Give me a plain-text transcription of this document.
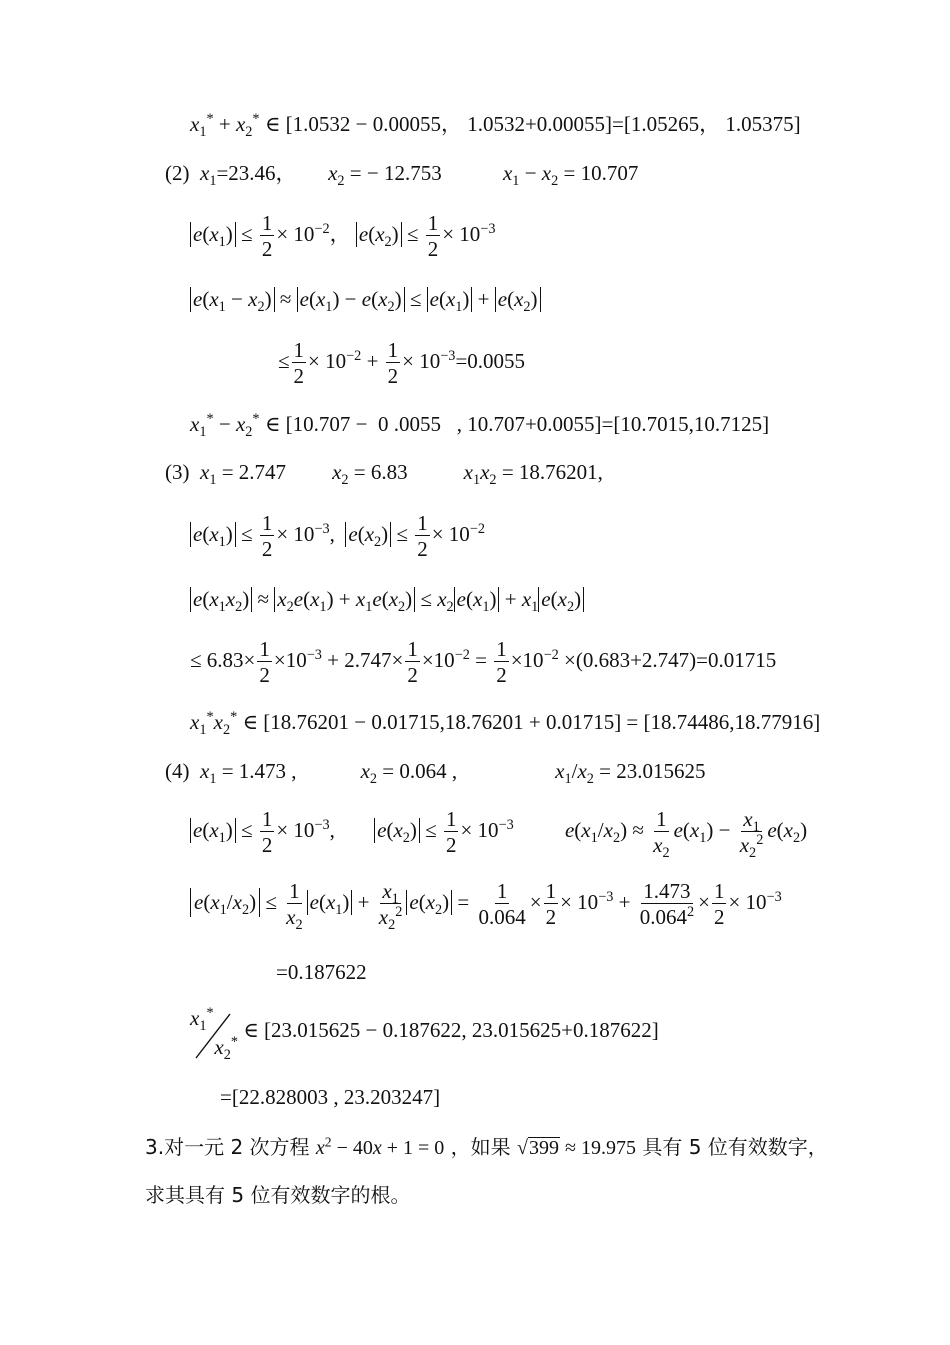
$x_1^* + x_2^*$ ∈ [1.0532 − 0.00055， 1.0532+0.00055]=[1.05265， 1.05375]
(2)  $x_1=23.46$，      $x_2$ = − 12.753	$x_1 - x_2 = 10.707$
$e(x_1) \le \frac{1}{2} \times 10^{-2}$， $e(x_2) \le \frac{1}{2} \times 10^{-3}$
$e(x_1 - x_2) \approx e(x_1) - e(x_2) \le e(x_1) + e(x_2)$
≤ $\frac{1}{2} \times 10^{-2} + \frac{1}{2} \times 10^{-3}=0.0055$
$x_1^* - x_2^*$ ∈ [10.707 −  0 .0055   , 10.707+0.0055]=[10.7015,10.7125]
(3)  $x_1 = 2.747$ $x_2 = 6.83$	$x_1x_2 = 18.76201$,
$e(x_1) \le \frac{1}{2} \times 10^{-3}$,  $e(x_2) \le \frac{1}{2} \times 10^{-2}$
$e(x_1x_2) \approx x_2e(x_1) + x_1e(x_2) \le x_2$ $e(x_1) + x_1$ $e(x_2)$
≤ $6.83\times \frac{1}{2} \times 10^{-3} + 2.747\times \frac{1}{2} \times 10^{-2} = \frac{1}{2} \times 10^{-2} \times(0.683+2.747)=0.01715$
$x_1^*x_2^*$ ∈ [18.76201 − 0.01715,18.76201 + 0.01715] = [18.74486,18.77916]
(4)  $x_1 = 1.473$ ,	$x_2 = 0.064$ ,	$x_1/x_2 = 23.015625$
$e(x_1) \le \frac{1}{2} \times 10^{-3}$, $e(x_2) \le \frac{1}{2} \times 10^{-3}$ $e(x_1/x_2) \approx \frac{1}{x_2} e(x_1) - \frac{x_1}{x_2^2} e(x_2)$
$e(x_1/x_2) \le \frac{1}{x_2} e(x_1) + \frac{x_1}{x_2^2} e(x_2) = \frac{1}{0.064} \times \frac{1}{2} \times 10^{-3} + \frac{1.473}{0.064^2} \times \frac{1}{2} \times 10^{-3}$
=0.187622
$x_1^*$
$x_2^*$
∈ [23.015625 − 0.187622, 23.015625+0.187622]
=[22.828003 , 23.203247]
3.对一元 2 次方程 $x^2 - 40x + 1 = 0$ ，如果 √399 ≈ 19.975 具有 5 位有效数字，
求其具有 5 位有效数字的根。
